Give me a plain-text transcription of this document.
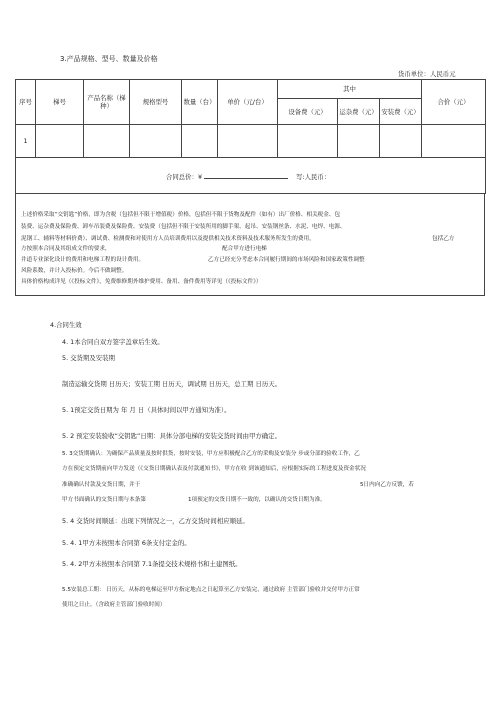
3.产品规格、型号、数量及价格
货币单位：人民币元
序号	梯号	产品名称（梯种）	规格型号	数量（台）	单价（元/台）	其中			合价（元）
						设备费（元）	运杂费（元）	安装费（元）	
1									
合同总价：¥ 写:人民币：									
上述价格采取“交钥匙”价格，即为含税（包括但不限于增值税）价格，包括但不限于货物及配件（如有）出厂价格、相关税金、包
装费、运杂费及保险费、卸车吊装费及保险费、安装费（包括但不限于安装所用的脚手架、起吊、安装钢丝条、水泥、电焊、电源、
泥钢工、辅料等材料价费）、调试费、检测费和对使用方人员培训费用以及提供相关技术资料及技术服务所发生的费用，	包括乙方
方按照本合同及其组成文件的要求，	配合甲方进行电梯
井道专业深化设计的费用和电梯工程的设计费用。	乙方已经充分考虑本合同履行期间的市场风险和国家政策性调整
风险系数，并计入投标价。今后不做调整。
具体价格构成详见（《投标文件》，免费维修期外维护费用、备用、备件费用等详见（《投标文件》）
4.合同生效
4. 1本合同自双方签字盖章后生效。
5. 交货期及安装期
制造运输交货期 日历天；安装工期 日历天，调试期 日历天，总工期 日历天。
5. 1预定交货日期为 年 月 日（具体时间以甲方通知为准）。
5. 2 预定安装验收“交钥匙”日期：具体分部电梯的安装交货时间由甲方确定。
5. 3交货期确认：为确保产品质量及按时供货，按时安装，甲方应积极配合乙方的采购及安装分 步或分部的验收工作，乙
方在预定交货期前向甲方发送（《交货日期确认表及付款通知书》，甲方在收 到该通知后，应根据实际的工程进度及资金状况
准确确认付款及交货日期，并于	5日内向乙方反馈，若
甲方书面确认的交货日期与本条第	1项预定的交货日期不一致的，以确认的交货日期为准。
5. 4 交货时间顺延：出现下列情况之一，乙方交货时间相应顺延。
5. 4. 1甲方未按照本合同第 6条支付定金的。
5. 4. 2甲方未按照本合同第 7.1条提交技术规格书和土建图纸。
5.5安装总工期： 日历天，从标的电梯运至甲方指定地点之日起算至乙方安装完，通过政府 主管部门验收并交付甲方正常
使用之日止。（含政府主管部门验收时间）
